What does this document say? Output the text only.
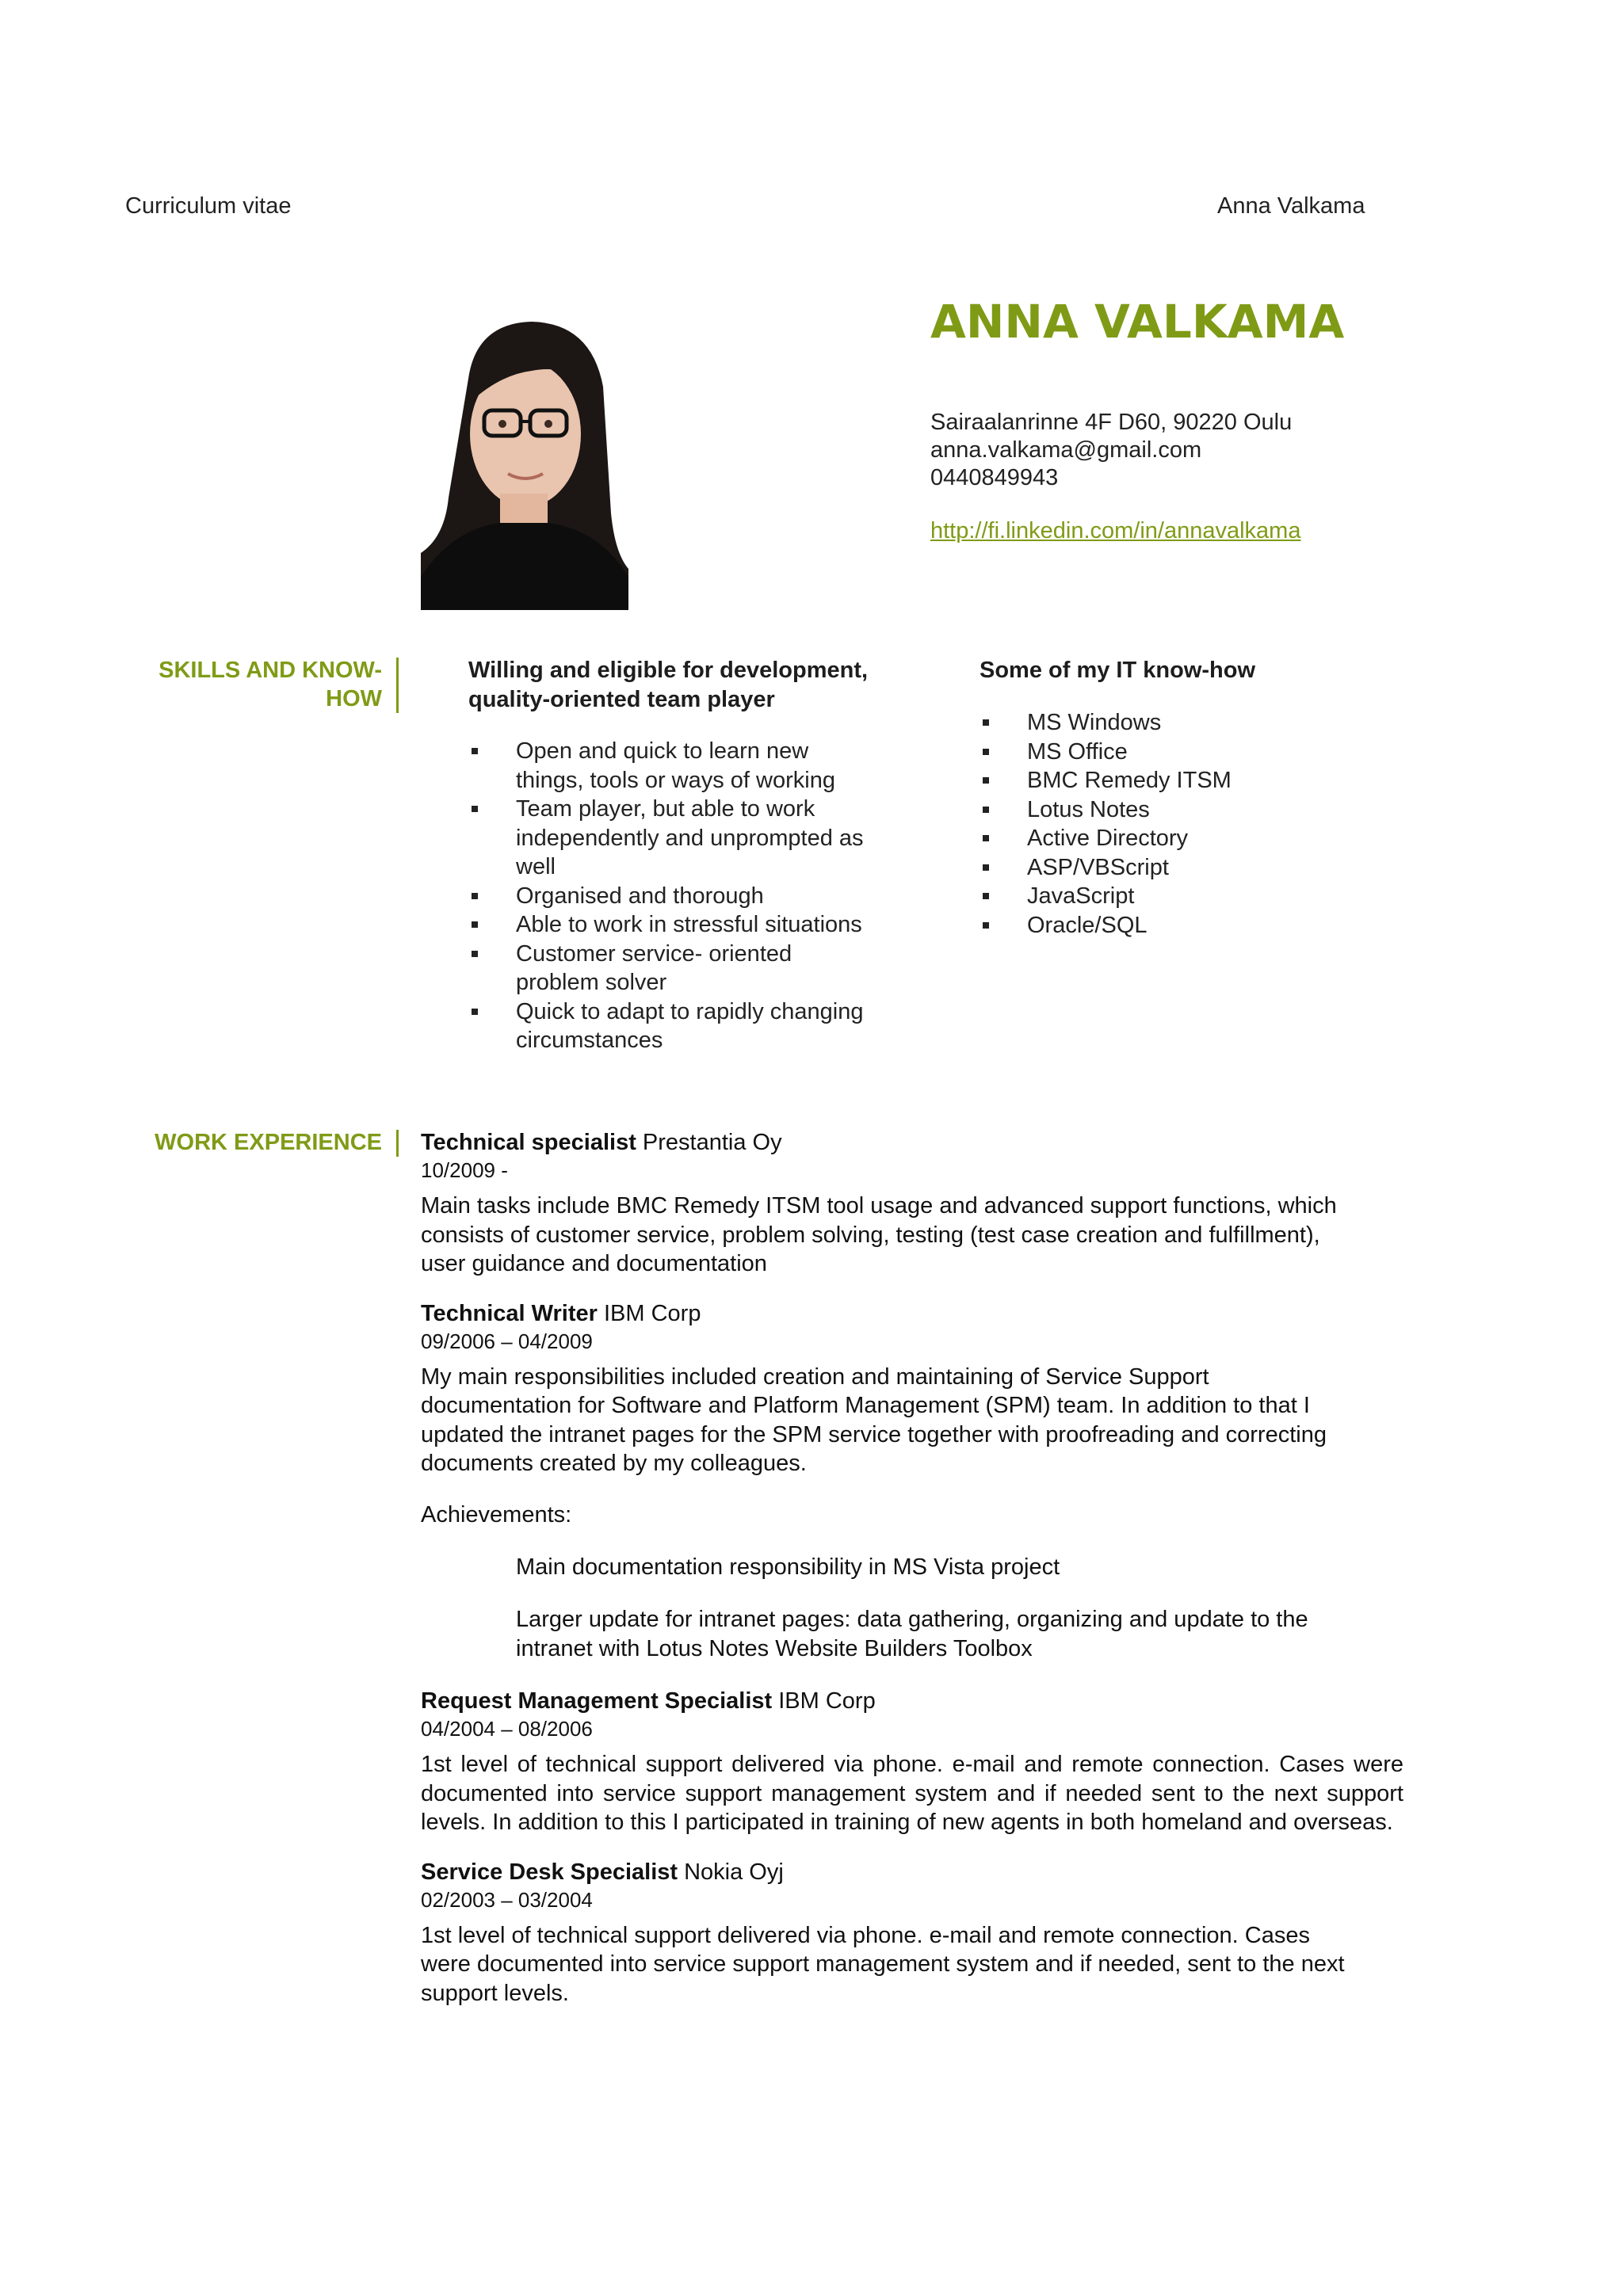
Curriculum vitae	Anna Valkama
ANNA VALKAMA
Sairaalanrinne 4F D60, 90220 Oulu
anna.valkama@gmail.com
0440849943
http://fi.linkedin.com/in/annavalkama
SKILLS AND KNOW-
HOW
Willing and eligible for development,
quality-oriented team player
Open and quick to learn new
things, tools or ways of working
Team player, but able to work
independently and unprompted as
well
Organised and thorough
Able to work in stressful situations
Customer service- oriented
problem solver
Quick to adapt to rapidly changing
circumstances
Some of my IT know-how
MS Windows
MS Office
BMC Remedy ITSM
Lotus Notes
Active Directory
ASP/VBScript
JavaScript
Oracle/SQL
WORK EXPERIENCE Technical specialist Prestantia Oy
10/2009 -
Main tasks include BMC Remedy ITSM tool usage and advanced support functions, which
consists of customer service, problem solving, testing (test case creation and fulfillment),
user guidance and documentation
Technical Writer IBM Corp
09/2006 – 04/2009
My main responsibilities included creation and maintaining of Service Support
documentation for Software and Platform Management (SPM) team. In addition to that I
updated the intranet pages for the SPM service together with proofreading and correcting
documents created by my colleagues.
Achievements:
Main documentation responsibility in MS Vista project
Larger update for intranet pages: data gathering, organizing and update to the
intranet with Lotus Notes Website Builders Toolbox
Request Management Specialist IBM Corp
04/2004 – 08/2006
1st level of technical support delivered via phone. e-mail and remote connection. Cases were documented into service support management system and if needed sent to the next support levels. In addition to this I participated in training of new agents in both homeland and overseas.
Service Desk Specialist Nokia Oyj
02/2003 – 03/2004
1st level of technical support delivered via phone. e-mail and remote connection. Cases
were documented into service support management system and if needed, sent to the next
support levels.
